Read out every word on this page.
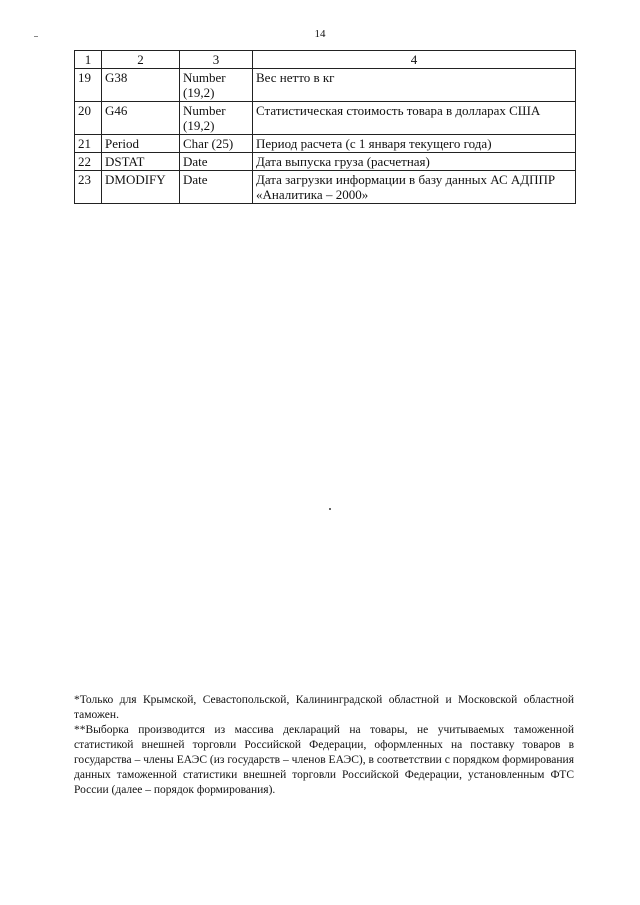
14
1	2	3	4
19	G38	Number (19,2)	Вес нетто в кг
20	G46	Number (19,2)	Статистическая стоимость товара в долларах США
21	Period	Char (25)	Период расчета (с 1 января текущего года)
22	DSTAT	Date	Дата выпуска груза (расчетная)
23	DMODIFY	Date	Дата загрузки информации в базу данных АС АДППР «Аналитика – 2000»

*Только для Крымской, Севастопольской, Калининградской областной и Московской областной таможен.

**Выборка производится из массива деклараций на товары, не учитываемых таможенной статистикой внешней торговли Российской Федерации, оформленных на поставку товаров в государства – члены ЕАЭС (из государств – членов ЕАЭС), в соответствии с порядком формирования данных таможенной статистики внешней торговли Российской Федерации, установленным ФТС России (далее – порядок формирования).
